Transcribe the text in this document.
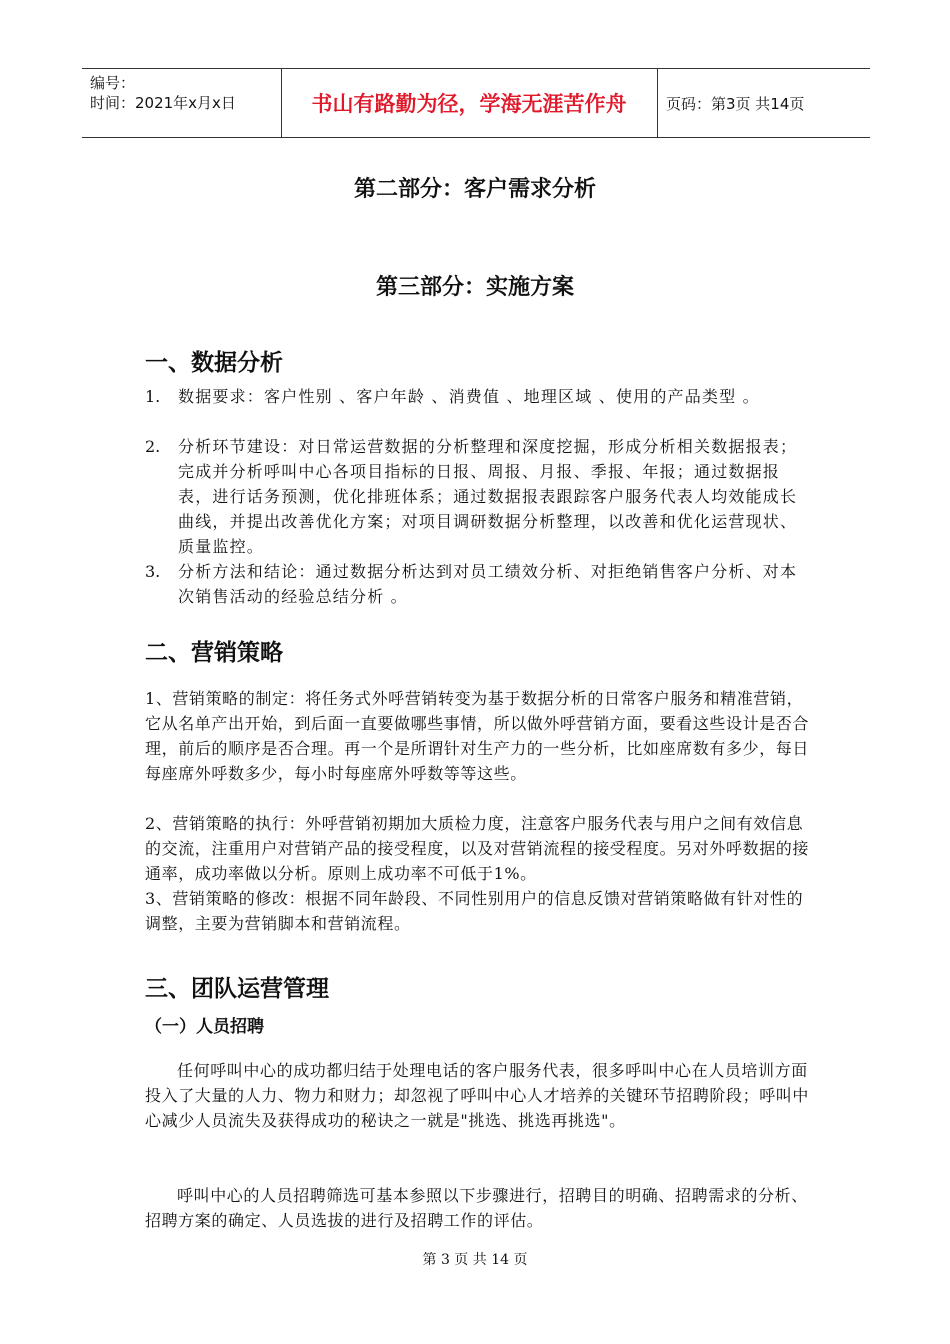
编号：
时间：2021年x月x日	书山有路勤为径，学海无涯苦作舟	页码：第3页 共14页
第二部分：客户需求分析
第三部分：实施方案
一、数据分析
1.	数据要求：客户性别 、客户年龄 、消费值 、地理区域 、使用的产品类型 。
2.	分析环节建设：对日常运营数据的分析整理和深度挖掘，形成分析相关数据报表；完成并分析呼叫中心各项目指标的日报、周报、月报、季报、年报；通过数据报表，进行话务预测，优化排班体系；通过数据报表跟踪客户服务代表人均效能成长曲线，并提出改善优化方案；对项目调研数据分析整理，以改善和优化运营现状、质量监控。
3.	分析方法和结论：通过数据分析达到对员工绩效分析、对拒绝销售客户分析、对本次销售活动的经验总结分析 。
二、营销策略
1、营销策略的制定：将任务式外呼营销转变为基于数据分析的日常客户服务和精准营销，它从名单产出开始，到后面一直要做哪些事情，所以做外呼营销方面，要看这些设计是否合理，前后的顺序是否合理。再一个是所谓针对生产力的一些分析，比如座席数有多少，每日每座席外呼数多少，每小时每座席外呼数等等这些。
2、营销策略的执行：外呼营销初期加大质检力度，注意客户服务代表与用户之间有效信息的交流，注重用户对营销产品的接受程度，以及对营销流程的接受程度。另对外呼数据的接通率，成功率做以分析。原则上成功率不可低于1%。
3、营销策略的修改：根据不同年龄段、不同性别用户的信息反馈对营销策略做有针对性的调整，主要为营销脚本和营销流程。
三、团队运营管理
（一）人员招聘
任何呼叫中心的成功都归结于处理电话的客户服务代表，很多呼叫中心在人员培训方面投入了大量的人力、物力和财力；却忽视了呼叫中心人才培养的关键环节招聘阶段；呼叫中心减少人员流失及获得成功的秘诀之一就是"挑选、挑选再挑选"。
呼叫中心的人员招聘筛选可基本参照以下步骤进行，招聘目的明确、招聘需求的分析、招聘方案的确定、人员选拔的进行及招聘工作的评估。
第 3 页 共 14 页
